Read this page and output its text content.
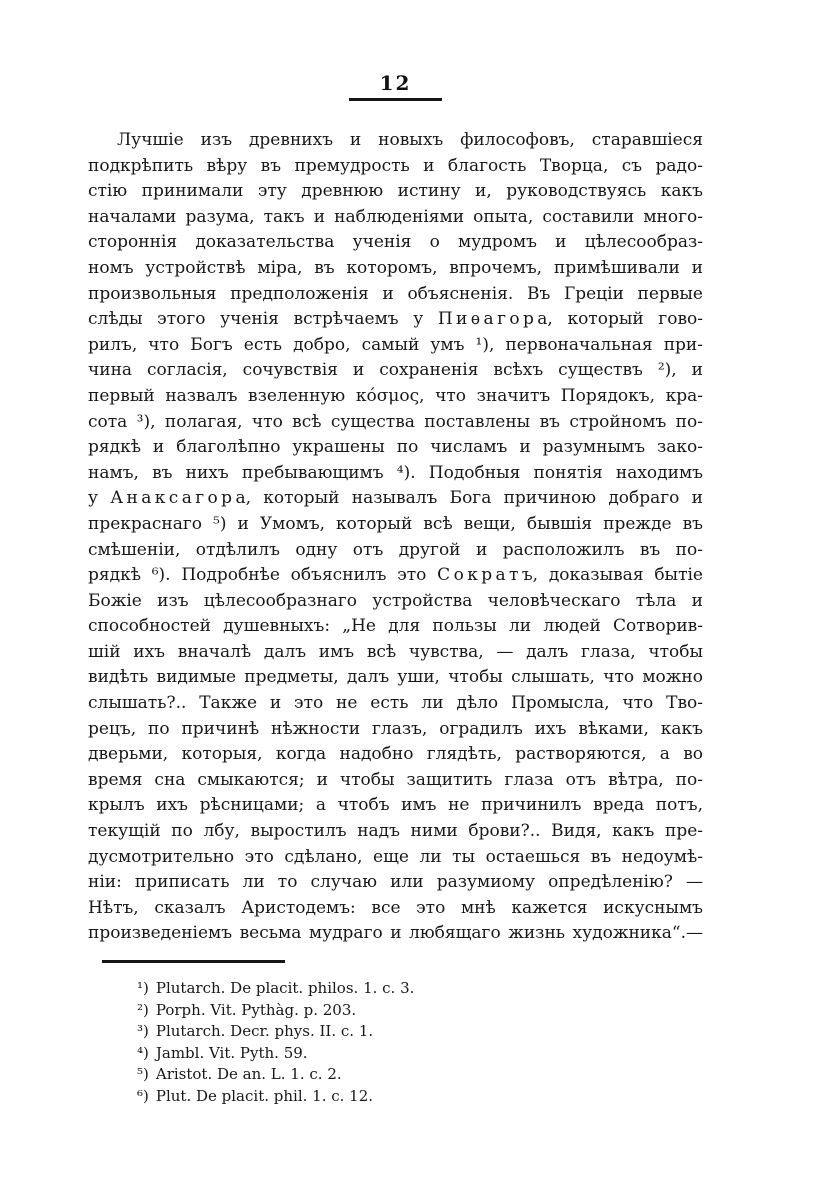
12

Лучшіе изъ древнихъ и новыхъ философовъ, старавшіеся

подкрѣпить вѣру въ премудрость и благость Творца, съ радо-

стію принимали эту древнюю истину и, руководствуясь какъ

началами разума, такъ и наблюденіями опыта, составили много-

стороннія доказательства ученія о мудромъ и цѣлесообраз-

номъ устройствѣ міра, въ которомъ, впрочемъ, примѣшивали и

произвольныя предположенія и объясненія. Въ Греціи первые

слѣды этого ученія встрѣчаемъ у П и ѳ а г о р а, который гово-

рилъ, что Богъ есть добро, самый умъ ¹), первоначальная при-

чина согласія, сочувствія и сохраненія всѣхъ существъ ²), и

первый назвалъ взеленную κόσμος, что значитъ Порядокъ, кра-

сота ³), полагая, что всѣ существа поставлены въ стройномъ по-

рядкѣ и благолѣпно украшены по числамъ и разумнымъ зако-

намъ, въ нихъ пребывающимъ ⁴). Подобныя понятія находимъ

у А н а к с а г о р а, который называлъ Бога причиною добраго и

прекраснаго ⁵) и Умомъ, который всѣ вещи, бывшія прежде въ

смѣшеніи, отдѣлилъ одну отъ другой и расположилъ въ по-

рядкѣ ⁶). Подробнѣе объяснилъ это С о к р а т ъ, доказывая бытіе

Божіе изъ цѣлесообразнаго устройства человѣческаго тѣла и

способностей душевныхъ: „Не для пользы ли людей Сотворив-

шій ихъ вначалѣ далъ имъ всѣ чувства, — далъ глаза, чтобы

видѣть видимые предметы, далъ уши, чтобы слышать, что можно

слышать?.. Также и это не есть ли дѣло Промысла, что Тво-

рецъ, по причинѣ нѣжности глазъ, оградилъ ихъ вѣками, какъ

дверьми, которыя, когда надобно глядѣть, растворяются, а во

время сна смыкаются; и чтобы защитить глаза отъ вѣтра, по-

крылъ ихъ рѣсницами; а чтобъ имъ не причинилъ вреда потъ,

текущій по лбу, выростилъ надъ ними брови?.. Видя, какъ пре-

дусмотрительно это сдѣлано, еще ли ты остаешься въ недоумѣ-

ніи: приписать ли то случаю или разумиому опредѣленію? —

Нѣтъ, сказалъ Аристодемъ: все это мнѣ кажется искуснымъ

произведеніемъ весьма мудраго и любящаго жизнь художника“.—

¹) Plutarch. De placit. philos. 1. c. 3.
²) Porph. Vit. Pythàg. p. 203.
³) Plutarch. Decr. phys. II. c. 1.
⁴) Jambl. Vit. Pyth. 59.
⁵) Aristot. De an. L. 1. c. 2.
⁶) Plut. De placit. phil. 1. c. 12.
